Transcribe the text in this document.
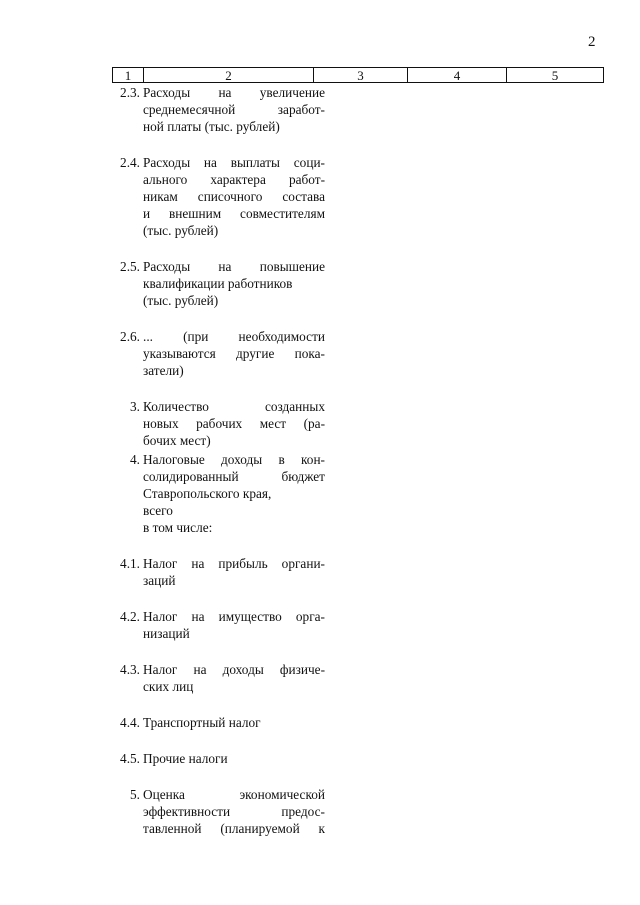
2
1	2	3	4	5
2.3. Расходы на увеличение
среднемесячной заработ-
ной платы (тыс. рублей)
2.4. Расходы на выплаты соци-
ального характера работ-
никам списочного состава
и внешним совместителям
(тыс. рублей)
2.5. Расходы на повышение
квалификации работников
(тыс. рублей)
2.6. ... (при необходимости
указываются другие пока-
затели)
3. Количество созданных
новых рабочих мест (ра-
бочих мест)
4. Налоговые доходы в кон-
солидированный бюджет
Ставропольского края,
всего
в том числе:
4.1. Налог на прибыль органи-
заций
4.2. Налог на имущество орга-
низаций
4.3. Налог на доходы физиче-
ских лиц
4.4. Транспортный налог
4.5. Прочие налоги
5. Оценка экономической
эффективности предос-
тавленной (планируемой к
